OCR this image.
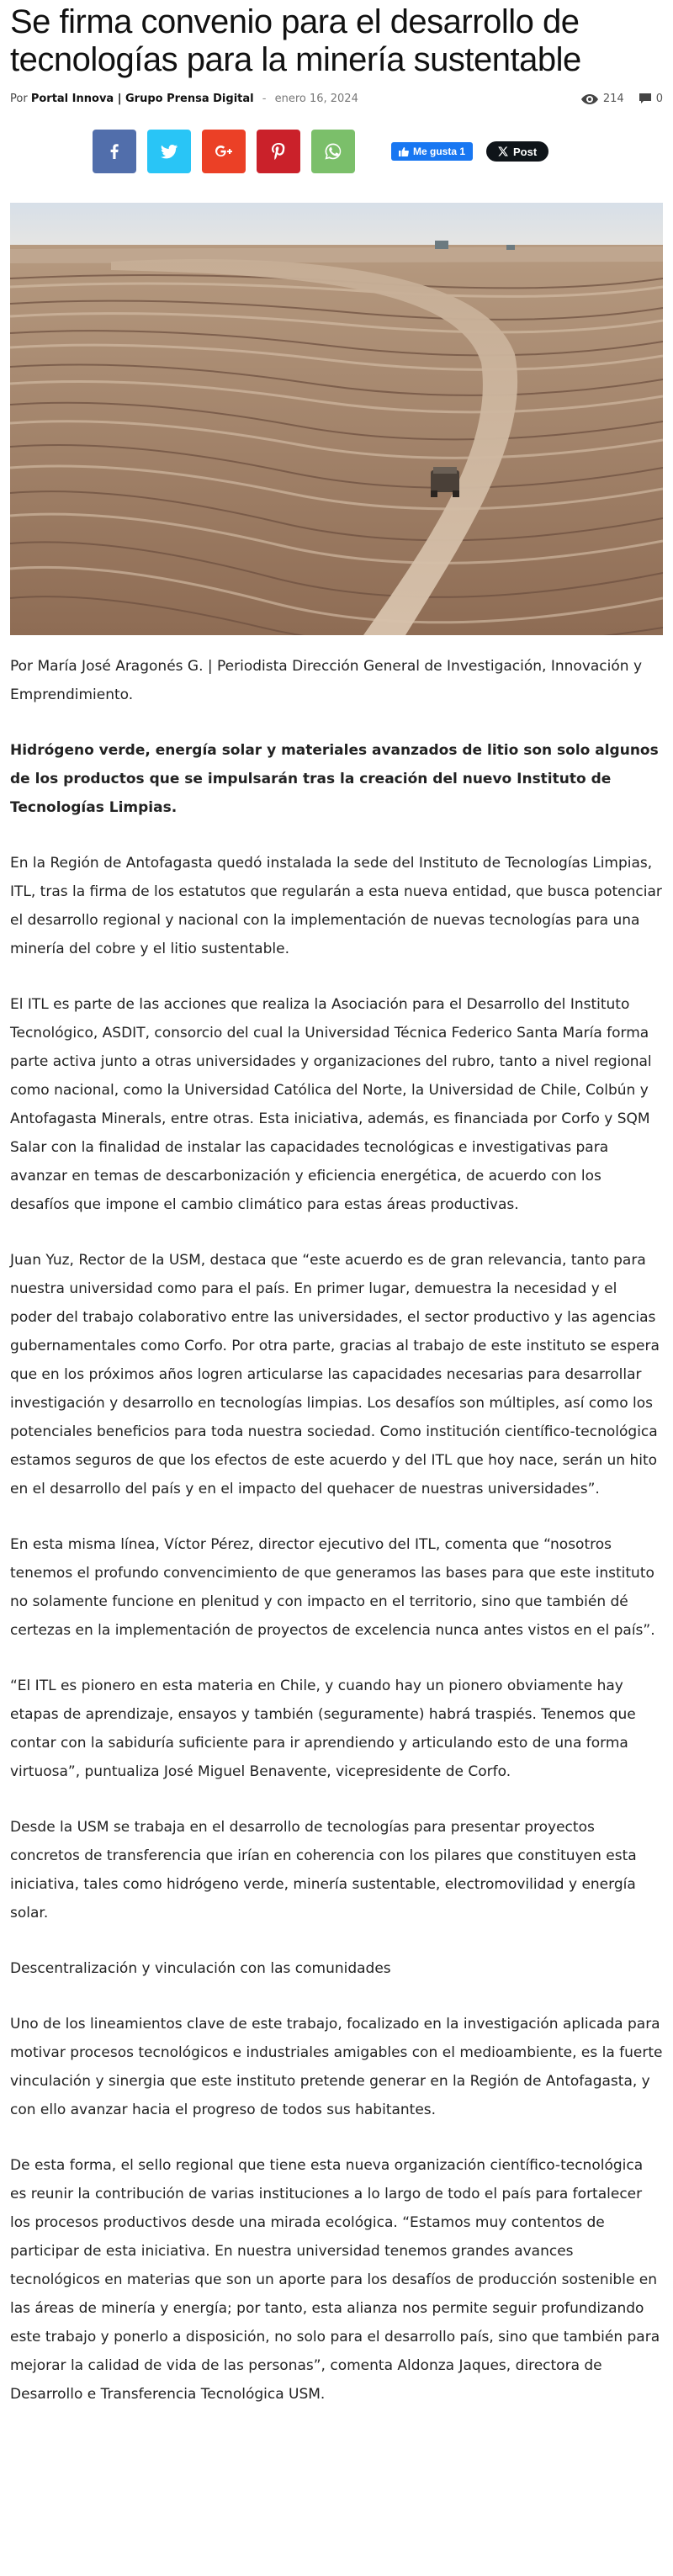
Se firma convenio para el desarrollo de tecnologías para la minería sustentable
Por Portal Innova | Grupo Prensa Digital - enero 16, 2024	214	0
Me gusta 1	Post

Por María José Aragonés G. | Periodista Dirección General de Investigación, Innovación y Emprendimiento.

Hidrógeno verde, energía solar y materiales avanzados de litio son solo algunos de los productos que se impulsarán tras la creación del nuevo Instituto de Tecnologías Limpias.

En la Región de Antofagasta quedó instalada la sede del Instituto de Tecnologías Limpias, ITL, tras la firma de los estatutos que regularán a esta nueva entidad, que busca potenciar el desarrollo regional y nacional con la implementación de nuevas tecnologías para una minería del cobre y el litio sustentable.

El ITL es parte de las acciones que realiza la Asociación para el Desarrollo del Instituto Tecnológico, ASDIT, consorcio del cual la Universidad Técnica Federico Santa María forma parte activa junto a otras universidades y organizaciones del rubro, tanto a nivel regional como nacional, como la Universidad Católica del Norte, la Universidad de Chile, Colbún y Antofagasta Minerals, entre otras. Esta iniciativa, además, es financiada por Corfo y SQM Salar con la finalidad de instalar las capacidades tecnológicas e investigativas para avanzar en temas de descarbonización y eficiencia energética, de acuerdo con los desafíos que impone el cambio climático para estas áreas productivas.

Juan Yuz, Rector de la USM, destaca que “este acuerdo es de gran relevancia, tanto para nuestra universidad como para el país. En primer lugar, demuestra la necesidad y el poder del trabajo colaborativo entre las universidades, el sector productivo y las agencias gubernamentales como Corfo. Por otra parte, gracias al trabajo de este instituto se espera que en los próximos años logren articularse las capacidades necesarias para desarrollar investigación y desarrollo en tecnologías limpias. Los desafíos son múltiples, así como los potenciales beneficios para toda nuestra sociedad. Como institución científico-tecnológica estamos seguros de que los efectos de este acuerdo y del ITL que hoy nace, serán un hito en el desarrollo del país y en el impacto del quehacer de nuestras universidades”.

En esta misma línea, Víctor Pérez, director ejecutivo del ITL, comenta que “nosotros tenemos el profundo convencimiento de que generamos las bases para que este instituto no solamente funcione en plenitud y con impacto en el territorio, sino que también dé certezas en la implementación de proyectos de excelencia nunca antes vistos en el país”.

“El ITL es pionero en esta materia en Chile, y cuando hay un pionero obviamente hay etapas de aprendizaje, ensayos y también (seguramente) habrá traspiés. Tenemos que contar con la sabiduría suficiente para ir aprendiendo y articulando esto de una forma virtuosa”, puntualiza José Miguel Benavente, vicepresidente de Corfo.

Desde la USM se trabaja en el desarrollo de tecnologías para presentar proyectos concretos de transferencia que irían en coherencia con los pilares que constituyen esta iniciativa, tales como hidrógeno verde, minería sustentable, electromovilidad y energía solar.

Descentralización y vinculación con las comunidades

Uno de los lineamientos clave de este trabajo, focalizado en la investigación aplicada para motivar procesos tecnológicos e industriales amigables con el medioambiente, es la fuerte vinculación y sinergia que este instituto pretende generar en la Región de Antofagasta, y con ello avanzar hacia el progreso de todos sus habitantes.

De esta forma, el sello regional que tiene esta nueva organización científico-tecnológica es reunir la contribución de varias instituciones a lo largo de todo el país para fortalecer los procesos productivos desde una mirada ecológica. “Estamos muy contentos de participar de esta iniciativa. En nuestra universidad tenemos grandes avances tecnológicos en materias que son un aporte para los desafíos de producción sostenible en las áreas de minería y energía; por tanto, esta alianza nos permite seguir profundizando este trabajo y ponerlo a disposición, no solo para el desarrollo país, sino que también para mejorar la calidad de vida de las personas”, comenta Aldonza Jaques, directora de Desarrollo e Transferencia Tecnológica USM.
